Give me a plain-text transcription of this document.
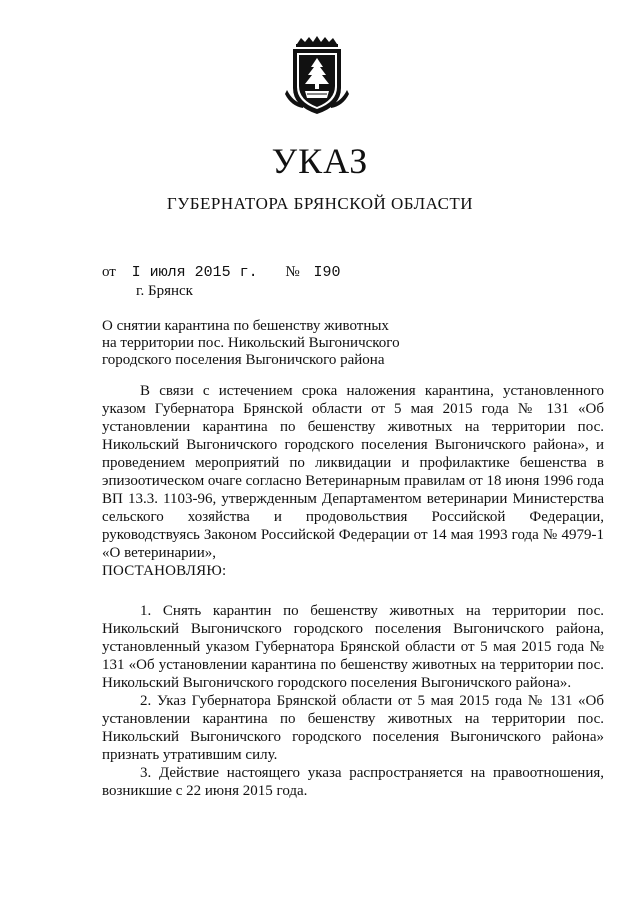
УКАЗ
ГУБЕРНАТОРА БРЯНСКОЙ ОБЛАСТИ
от I июля 2015 г. № I90
г. Брянск
О снятии карантина по бешенству животных
на территории пос. Никольский Выгоничского
городского поселения Выгоничского района

В связи с истечением срока наложения карантина, установленного указом Губернатора Брянской области от 5 мая 2015 года № 131 «Об установлении карантина по бешенству животных на территории пос. Никольский Выгоничского городского поселения Выгоничского района», и проведением мероприятий по ликвидации и профилактике бешенства в эпизоотическом очаге согласно Ветеринарным правилам от 18 июня 1996 года ВП 13.3. 1103-96, утвержденным Департаментом ветеринарии Министерства сельского хозяйства и продовольствия Российской Федерации, руководствуясь Законом Российской Федерации от 14 мая 1993 года № 4979-1 «О ветеринарии»,

ПОСТАНОВЛЯЮ:

1. Снять карантин по бешенству животных на территории пос. Никольский Выгоничского городского поселения Выгоничского района, установленный указом Губернатора Брянской области от 5 мая 2015 года № 131 «Об установлении карантина по бешенству животных на территории пос. Никольский Выгоничского городского поселения Выгоничского района».

2. Указ Губернатора Брянской области от 5 мая 2015 года № 131 «Об установлении карантина по бешенству животных на территории пос. Никольский Выгоничского городского поселения Выгоничского района» признать утратившим силу.

3. Действие настоящего указа распространяется на правоотношения, возникшие с 22 июня 2015 года.
